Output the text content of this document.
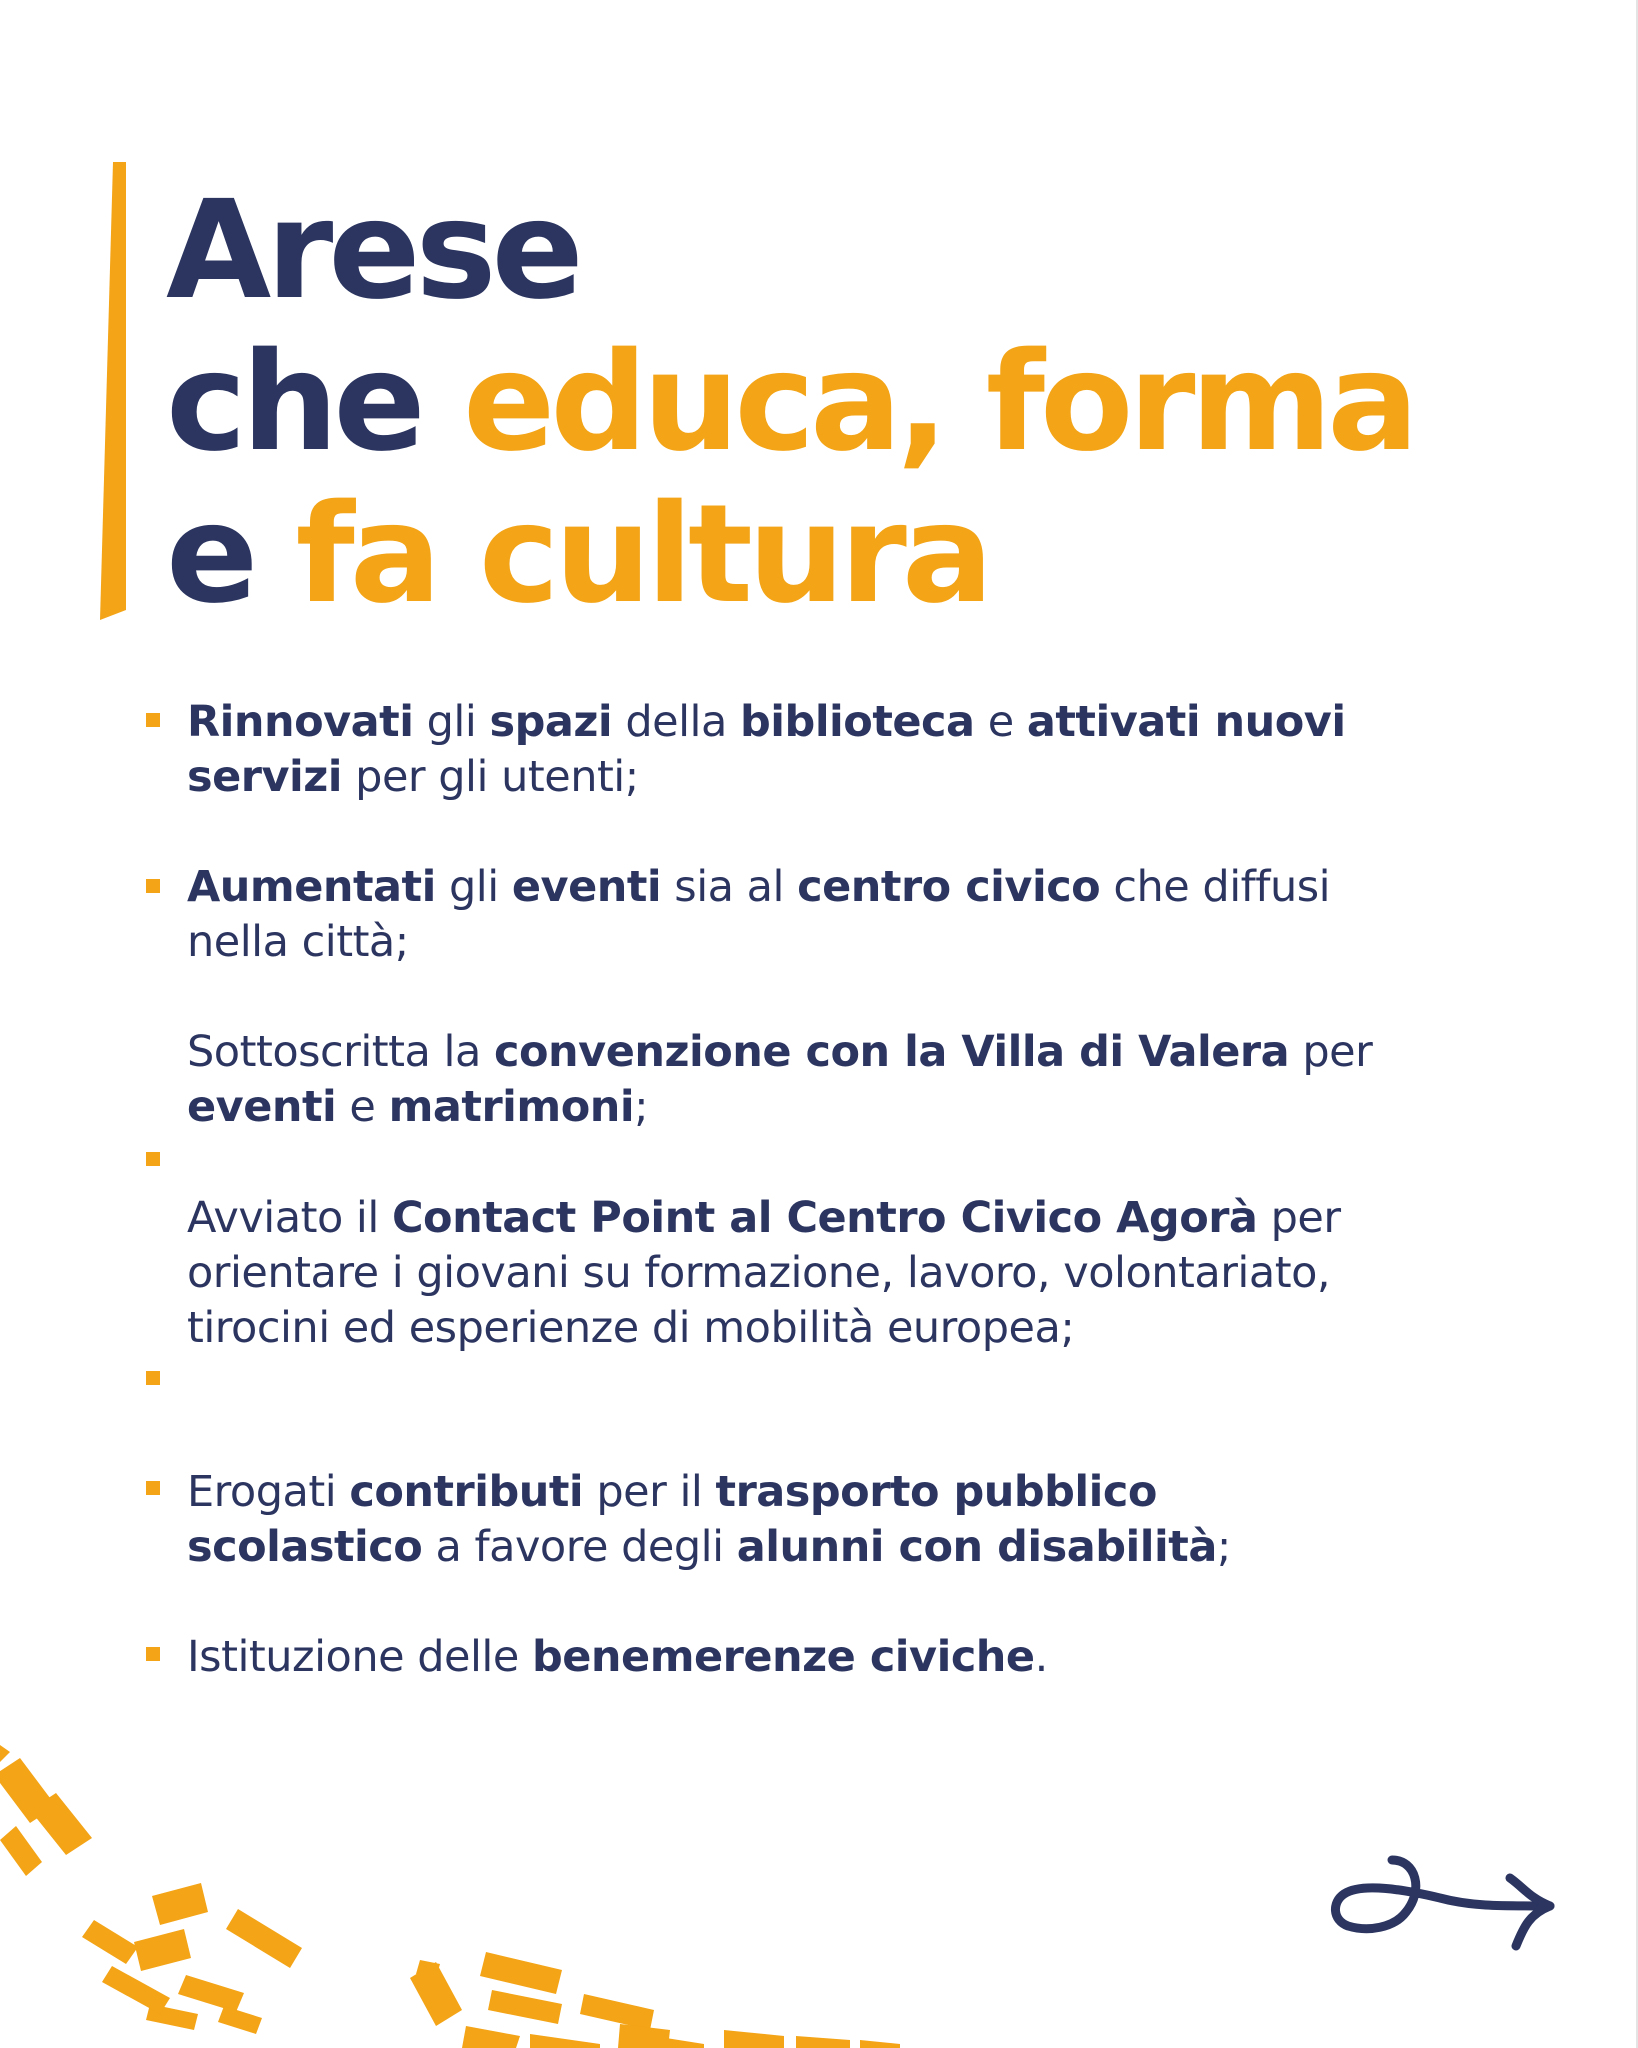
Arese
che educa, forma
e fa cultura

Rinnovati gli spazi della biblioteca e attivati nuovi servizi per gli utenti;

Aumentati gli eventi sia al centro civico che diffusi nella città;

Sottoscritta la convenzione con la Villa di Valera per eventi e matrimoni;

Avviato il Contact Point al Centro Civico Agorà per orientare i giovani su formazione, lavoro, volontariato, tirocini ed esperienze di mobilità europea;

Erogati contributi per il trasporto pubblico scolastico a favore degli alunni con disabilità;

Istituzione delle benemerenze civiche.
